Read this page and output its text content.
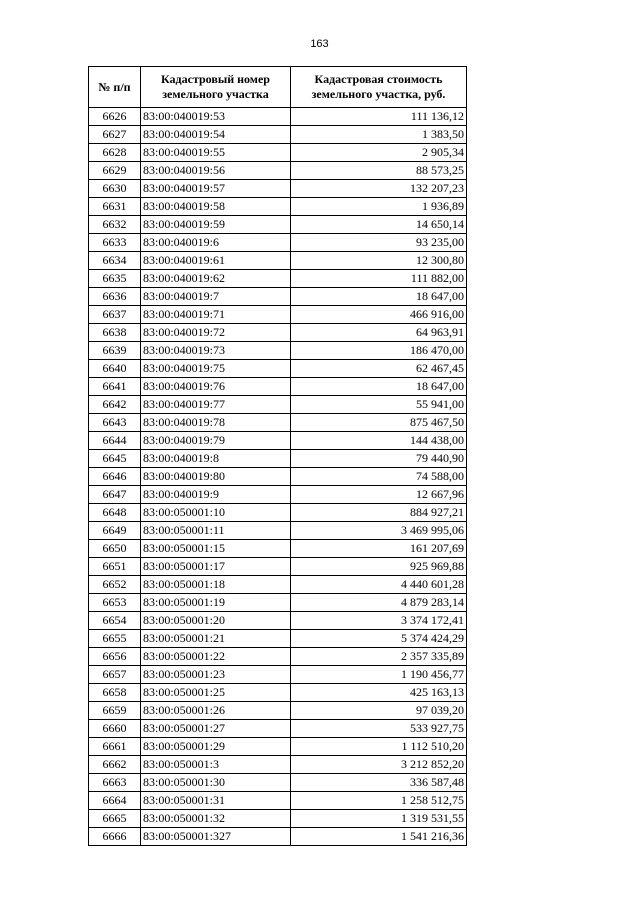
163
№ п/п	Кадастровый номер земельного участка	Кадастровая стоимость земельного участка, руб.
6626	83:00:040019:53	111 136,12
6627	83:00:040019:54	1 383,50
6628	83:00:040019:55	2 905,34
6629	83:00:040019:56	88 573,25
6630	83:00:040019:57	132 207,23
6631	83:00:040019:58	1 936,89
6632	83:00:040019:59	14 650,14
6633	83:00:040019:6	93 235,00
6634	83:00:040019:61	12 300,80
6635	83:00:040019:62	111 882,00
6636	83:00:040019:7	18 647,00
6637	83:00:040019:71	466 916,00
6638	83:00:040019:72	64 963,91
6639	83:00:040019:73	186 470,00
6640	83:00:040019:75	62 467,45
6641	83:00:040019:76	18 647,00
6642	83:00:040019:77	55 941,00
6643	83:00:040019:78	875 467,50
6644	83:00:040019:79	144 438,00
6645	83:00:040019:8	79 440,90
6646	83:00:040019:80	74 588,00
6647	83:00:040019:9	12 667,96
6648	83:00:050001:10	884 927,21
6649	83:00:050001:11	3 469 995,06
6650	83:00:050001:15	161 207,69
6651	83:00:050001:17	925 969,88
6652	83:00:050001:18	4 440 601,28
6653	83:00:050001:19	4 879 283,14
6654	83:00:050001:20	3 374 172,41
6655	83:00:050001:21	5 374 424,29
6656	83:00:050001:22	2 357 335,89
6657	83:00:050001:23	1 190 456,77
6658	83:00:050001:25	425 163,13
6659	83:00:050001:26	97 039,20
6660	83:00:050001:27	533 927,75
6661	83:00:050001:29	1 112 510,20
6662	83:00:050001:3	3 212 852,20
6663	83:00:050001:30	336 587,48
6664	83:00:050001:31	1 258 512,75
6665	83:00:050001:32	1 319 531,55
6666	83:00:050001:327	1 541 216,36
